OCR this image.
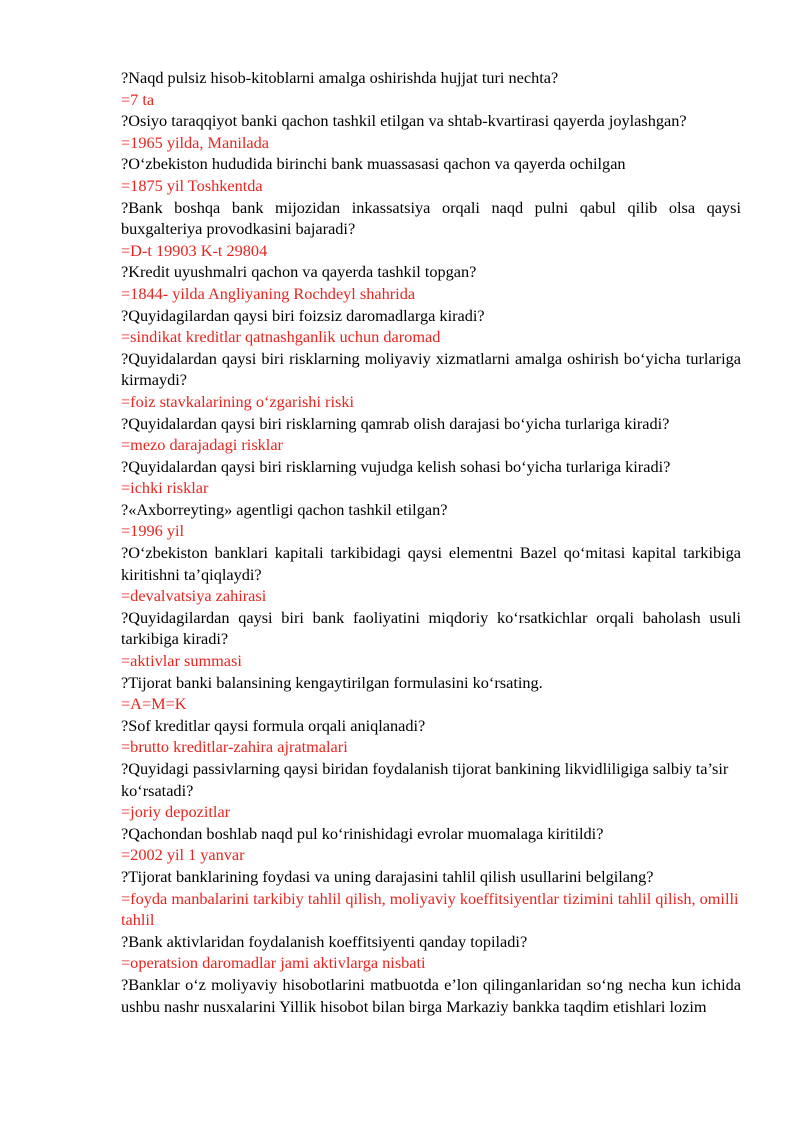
?Naqd pulsiz hisob-kitoblarni amalga oshirishda hujjat turi nechta?

=7 ta

?Osiyo taraqqiyot banki qachon tashkil etilgan va shtab-kvartirasi qayerda joylashgan?

=1965 yilda, Manilada

?O‘zbekiston hududida birinchi bank muassasasi qachon va qayerda ochilgan

=1875 yil Toshkentda

?Bank boshqa bank mijozidan inkassatsiya orqali naqd pulni qabul qilib olsa qaysi buxgalteriya provodkasini bajaradi?

=D-t 19903 K-t 29804

?Kredit uyushmalri qachon va qayerda tashkil topgan?

=1844- yilda Angliyaning Rochdeyl shahrida

?Quyidagilardan qaysi biri foizsiz daromadlarga kiradi?

=sindikat kreditlar qatnashganlik uchun daromad

?Quyidalardan qaysi biri risklarning moliyaviy xizmatlarni amalga oshirish bo‘yicha turlariga kirmaydi?

=foiz stavkalarining o‘zgarishi riski

?Quyidalardan qaysi biri risklarning qamrab olish darajasi bo‘yicha turlariga kiradi?

=mezo darajadagi risklar

?Quyidalardan qaysi biri risklarning vujudga kelish sohasi bo‘yicha turlariga kiradi?

=ichki risklar

?«Axborreyting» agentligi qachon tashkil etilgan?

=1996 yil

?O‘zbekiston banklari kapitali tarkibidagi qaysi elementni Bazel qo‘mitasi kapital tarkibiga kiritishni ta’qiqlaydi?

=devalvatsiya zahirasi

?Quyidagilardan qaysi biri bank faoliyatini miqdoriy ko‘rsatkichlar orqali baholash usuli tarkibiga kiradi?

=aktivlar summasi

?Tijorat banki balansining kengaytirilgan formulasini ko‘rsating.

=A=M=K

?Sof kreditlar qaysi formula orqali aniqlanadi?

=brutto kreditlar-zahira ajratmalari

?Quyidagi passivlarning qaysi biridan foydalanish tijorat bankining likvidliligiga salbiy ta’sir ko‘rsatadi?

=joriy depozitlar

?Qachondan boshlab naqd pul ko‘rinishidagi evrolar muomalaga kiritildi?

=2002 yil 1 yanvar

?Tijorat banklarining foydasi va uning darajasini tahlil qilish usullarini belgilang?

=foyda manbalarini tarkibiy tahlil qilish, moliyaviy koeffitsiyentlar tizimini tahlil qilish, omilli tahlil

?Bank aktivlaridan foydalanish koeffitsiyenti qanday topiladi?

=operatsion daromadlar jami aktivlarga nisbati

?Banklar o‘z moliyaviy hisobotlarini matbuotda e’lon qilinganlaridan so‘ng necha kun ichida ushbu nashr nusxalarini Yillik hisobot bilan birga Markaziy bankka taqdim etishlari lozim
